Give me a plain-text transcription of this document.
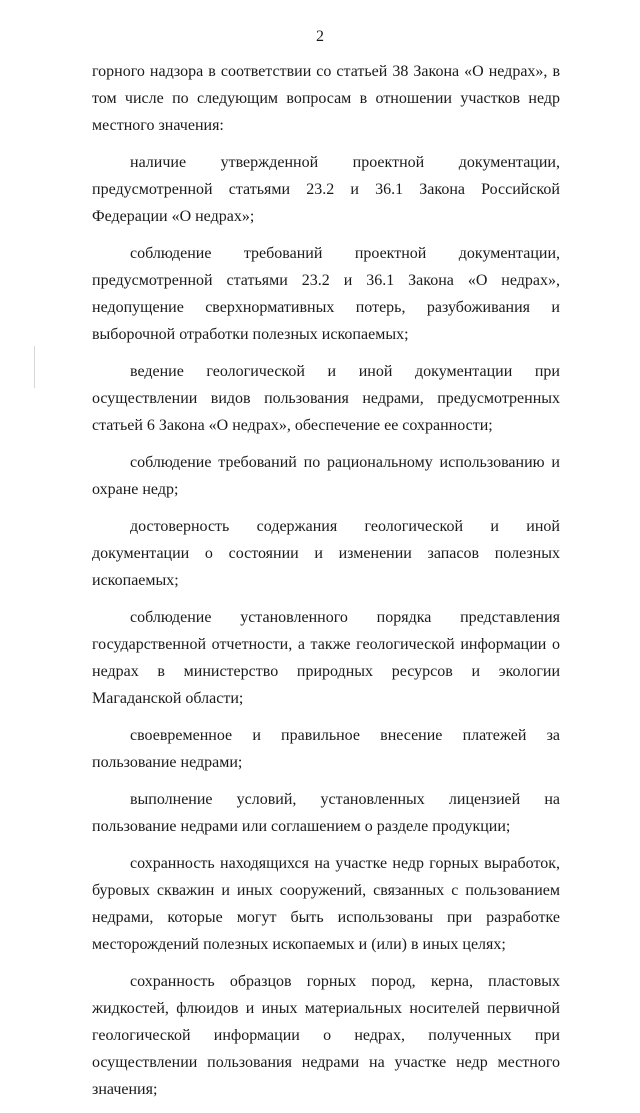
2

горного надзора в соответствии со статьей 38 Закона «О недрах», в том числе по следующим вопросам в отношении участков недр местного значения:

наличие утвержденной проектной документации, предусмотренной статьями 23.2 и 36.1 Закона Российской Федерации «О недрах»;

соблюдение требований проектной документации, предусмотренной статьями 23.2 и 36.1 Закона «О недрах», недопущение сверхнормативных потерь, разубоживания и выборочной отработки полезных ископаемых;

ведение геологической и иной документации при осуществлении видов пользования недрами, предусмотренных статьей 6 Закона «О недрах», обеспечение ее сохранности;

соблюдение требований по рациональному использованию и охране недр;

достоверность содержания геологической и иной документации о состоянии и изменении запасов полезных ископаемых;

соблюдение установленного порядка представления государственной отчетности, а также геологической информации о недрах в министерство природных ресурсов и экологии Магаданской области;

своевременное и правильное внесение платежей за пользование недрами;

выполнение условий, установленных лицензией на пользование недрами или соглашением о разделе продукции;

сохранность находящихся на участке недр горных выработок, буровых скважин и иных сооружений, связанных с пользованием недрами, которые могут быть использованы при разработке месторождений полезных ископаемых и (или) в иных целях;

сохранность образцов горных пород, керна, пластовых жидкостей, флюидов и иных материальных носителей первичной геологической информации о недрах, полученных при осуществлении пользования недрами на участке недр местного значения;
